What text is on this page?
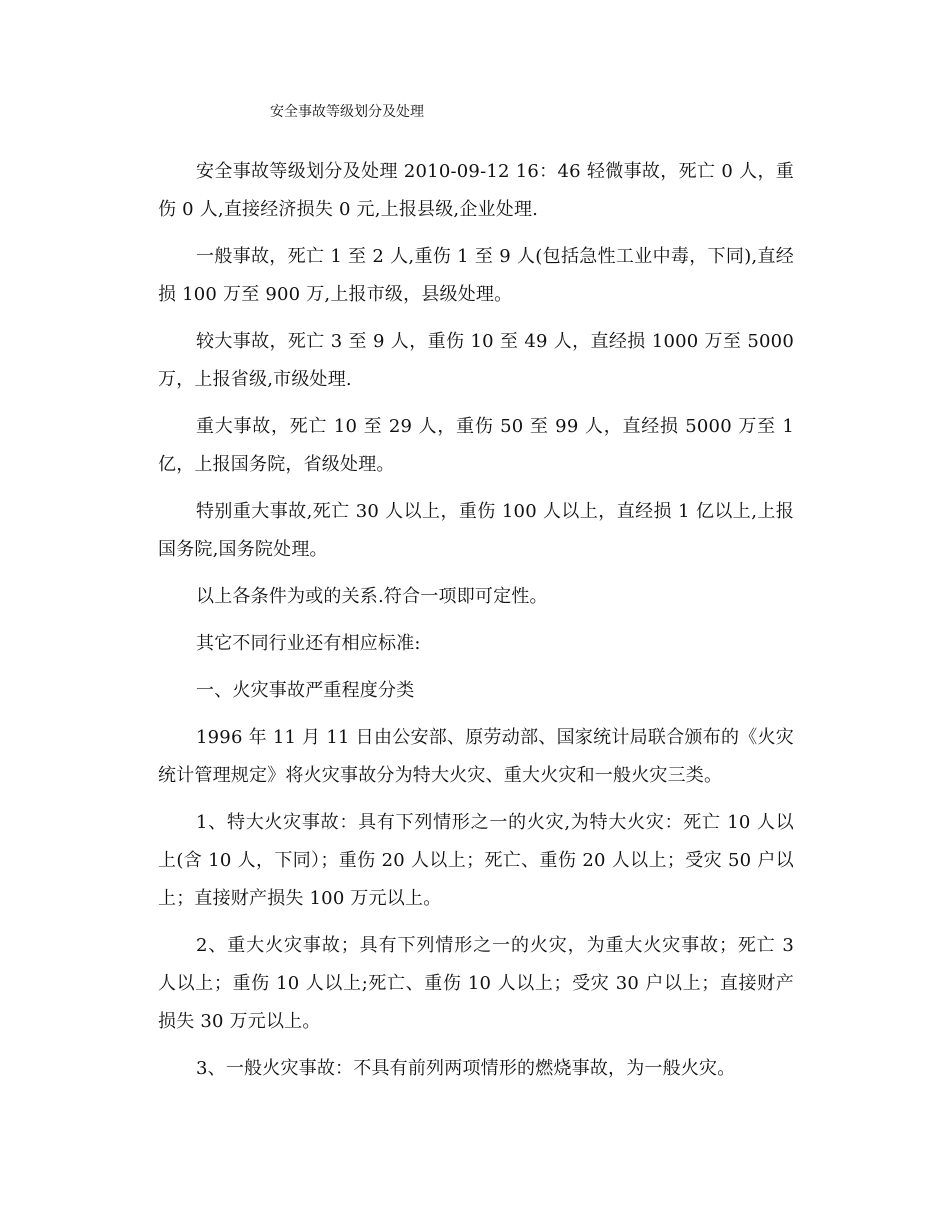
安全事故等级划分及处理

安全事故等级划分及处理 2010-09-12 16：46 轻微事故，死亡 0 人，重伤 0 人,直接经济损失 0 元,上报县级,企业处理.

一般事故，死亡 1 至 2 人,重伤 1 至 9 人(包括急性工业中毒，下同),直经损 100 万至 900 万,上报市级，县级处理。

较大事故，死亡 3 至 9 人，重伤 10 至 49 人，直经损 1000 万至 5000 万，上报省级,市级处理.

重大事故，死亡 10 至 29 人，重伤 50 至 99 人，直经损 5000 万至 1 亿，上报国务院，省级处理。

特别重大事故,死亡 30 人以上，重伤 100 人以上，直经损 1 亿以上,上报国务院,国务院处理。

以上各条件为或的关系.符合一项即可定性。

其它不同行业还有相应标准:

一、火灾事故严重程度分类

1996 年 11 月 11 日由公安部、原劳动部、国家统计局联合颁布的《火灾统计管理规定》将火灾事故分为特大火灾、重大火灾和一般火灾三类。

1、特大火灾事故：具有下列情形之一的火灾,为特大火灾：死亡 10 人以上(含 10 人，下同）；重伤 20 人以上；死亡、重伤 20 人以上；受灾 50 户以上；直接财产损失 100 万元以上。

2、重大火灾事故；具有下列情形之一的火灾，为重大火灾事故；死亡 3 人以上；重伤 10 人以上;死亡、重伤 10 人以上；受灾 30 户以上；直接财产损失 30 万元以上。

3、一般火灾事故：不具有前列两项情形的燃烧事故，为一般火灾。
